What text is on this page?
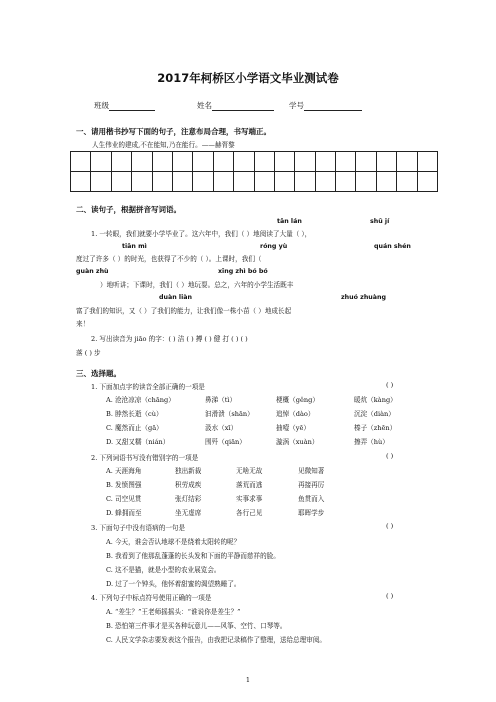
2017年柯桥区小学语文毕业测试卷
班级	姓名	学号
一、请用楷书抄写下面的句子，注意布局合理，书写端正。
人生伟业的建成,不在能知,乃在能行。——赫胥黎

二、读句子，根据拼音写词语。
tān lán	shū jí
1. 一转眼，我们就要小学毕业了。这六年中，我们（ ）地阅读了大量（ ），
tiān mì	róng yù	quán shén
度过了许多（ ）的时光，也获得了不少的（ ）。上课时，我们（
guàn zhù	xīng zhì bó bó
）地听讲；下课时，我们（ ）地玩耍。总之，六年的小学生活既丰
duàn liàn	zhuó zhuàng
富了我们的知识，又（ ）了我们的能力，让我们像一株小苗（ ）地成长起
来！
2. 写出读音为 jiāo 的字：( ) 洁 ( ) 搏 ( ) 健 打 ( ) ( )
落 ( ) 步
三、选择题。
1. 下面加点字的读音全部正确的一项是	( )
A. 沧沧凉凉（chāng）	鼻涕（tì）	梗概（gěng）	暖炕（kàng）
B. 脖然长逝（cù）	汩滑溃（shān）	追悼（dào）	沉淀（diàn）
C. 魔然而止（gā）	汲水（xī）	抽噎（yē）	榛子（zhēn）
D. 又甜又糯（nián）	围歼（qiān）	漩涡（xuàn）	擦弄（hù）
2. 下列词语书写没有错别字的一项是	( )
A. 天涯海角	独出新裁	无啥无故	见微知著
B. 发愤图强	积劳成疾	落荒而逃	再接再厉
C. 司空见贯	张灯结彩	实事求事	鱼贯而入
D. 蜂拥而至	坐无虚席	各行己见	耶晖学步
3. 下面句子中没有语病的一句是	( )
A. 今天，谁会否认地球不是绕着太阳转的呢？
B. 我看到了他那乱蓬蓬的长头发和下面的平静而慈祥的脸。
C. 这不是猫，就是小型的农业展览会。
D. 过了一个钟头，他怀着甜蜜的渴望熟睡了。
4. 下列句子中标点符号使用正确的一项是	( )
A. “差生？”王老师摇摇头：“谁说你是差生？”
B. 恐怕第三件事才是买各种玩意儿——风筝、空竹、口琴等。
C. 人民文学杂志要发表这个报告，由我把记录稿作了整理，送给总理审阅。
1
